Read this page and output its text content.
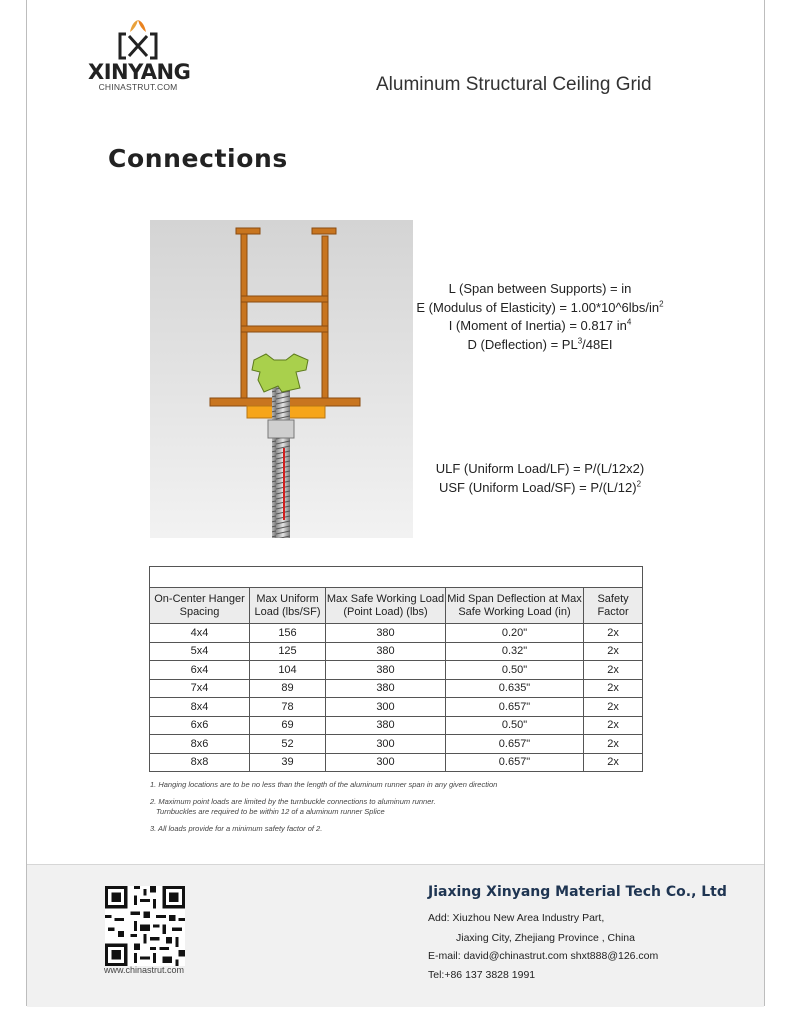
XINYANG
CHINASTRUT.COM	Aluminum Structural Ceiling Grid
Connections
L (Span between Supports) = in
E (Modulus of Elasticity) = $1.00*10\^{}6lbs/in^2$
I (Moment of Inertia) = 0.817 $in^4$
D (Deflection) = $PL^3/48EI$
ULF (Uniform Load/LF) = P/(L/12x2)
USF (Uniform Load/SF) = $P/(L/12)^2$

On-Center Hanger Spacing	Max Uniform Load (lbs/SF)	Max Safe Working Load (Point Load) (lbs)	Mid Span Deflection at Max Safe Working Load (in)	Safety Factor
4x4	156	380	0.20"	2x
5x4	125	380	0.32"	2x
6x4	104	380	0.50"	2x
7x4	89	380	0.635"	2x
8x4	78	300	0.657"	2x
6x6	69	380	0.50"	2x
8x6	52	300	0.657"	2x
8x8	39	300	0.657"	2x

1. Hanging locations are to be no less than the length of the aluminum runner span in any given direction

2. Maximum point loads are limited by the turnbuckle connections to aluminum runner.
Turnbuckles are required to be within 12 of a aluminum runner Splice

3. All loads provide for a minimum safety factor of 2.

www.chinastrut.com
Jiaxing Xinyang Material Tech Co., Ltd
Add: Xiuzhou New Area Industry Part,
Jiaxing City, Zhejiang Province , China
E-mail: david@chinastrut.com shxt888@126.com
Tel:+86 137 3828 1991
